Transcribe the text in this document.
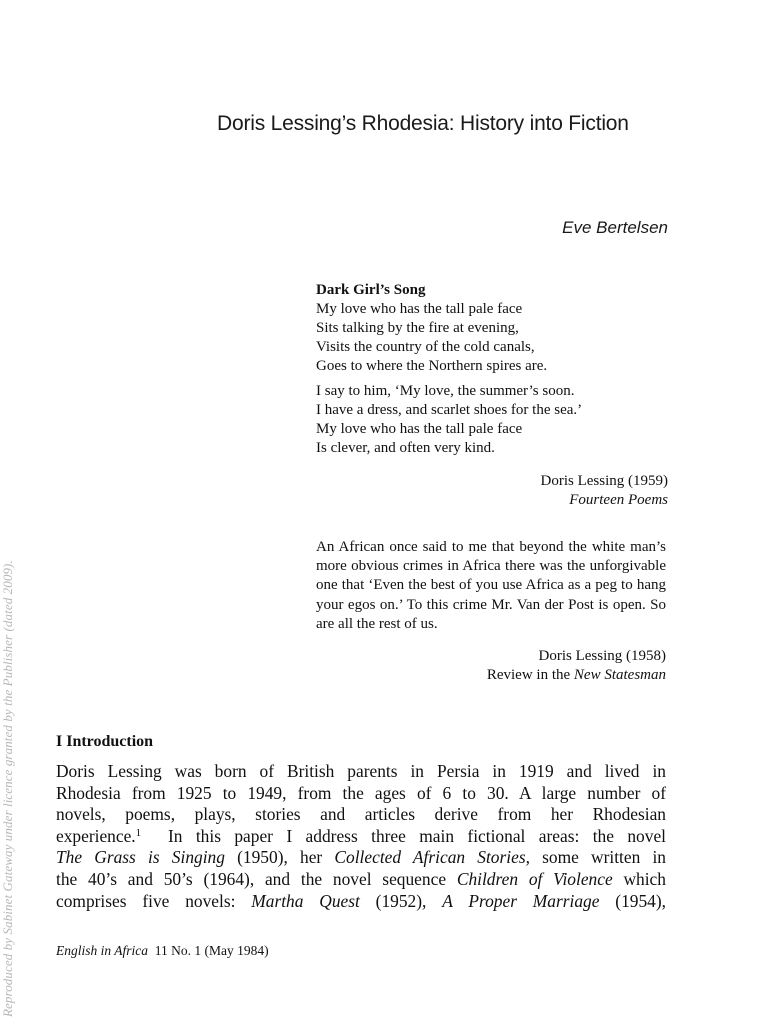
Doris Lessing’s Rhodesia: History into Fiction
Eve Bertelsen
Dark Girl’s Song
My love who has the tall pale face
Sits talking by the fire at evening,
Visits the country of the cold canals,
Goes to where the Northern spires are.
I say to him, ‘My love, the summer’s soon.
I have a dress, and scarlet shoes for the sea.’
My love who has the tall pale face
Is clever, and often very kind.
Doris Lessing (1959)
Fourteen Poems
An African once said to me that beyond the white man’s more obvious crimes in Africa there was the unforgivable one that ‘Even the best of you use Africa as a peg to hang your egos on.’ To this crime Mr. Van der Post is open. So are all the rest of us.
Doris Lessing (1958)
Review in the New Statesman
I Introduction
Doris Lessing was born of British parents in Persia in 1919 and lived in
Rhodesia from 1925 to 1949, from the ages of 6 to 30. A large number of
novels, poems, plays, stories and articles derive from her Rhodesian
experience.$^1$ In this paper I address three main fictional areas: the novel
The Grass is Singing (1950), her Collected African Stories, some written in
the 40’s and 50’s (1964), and the novel sequence Children of Violence which
comprises five novels: Martha Quest (1952), A Proper Marriage (1954),
English in Africa 11 No. 1 (May 1984)
Reproduced by Sabinet Gateway under licence granted by the Publisher (dated 2009).
